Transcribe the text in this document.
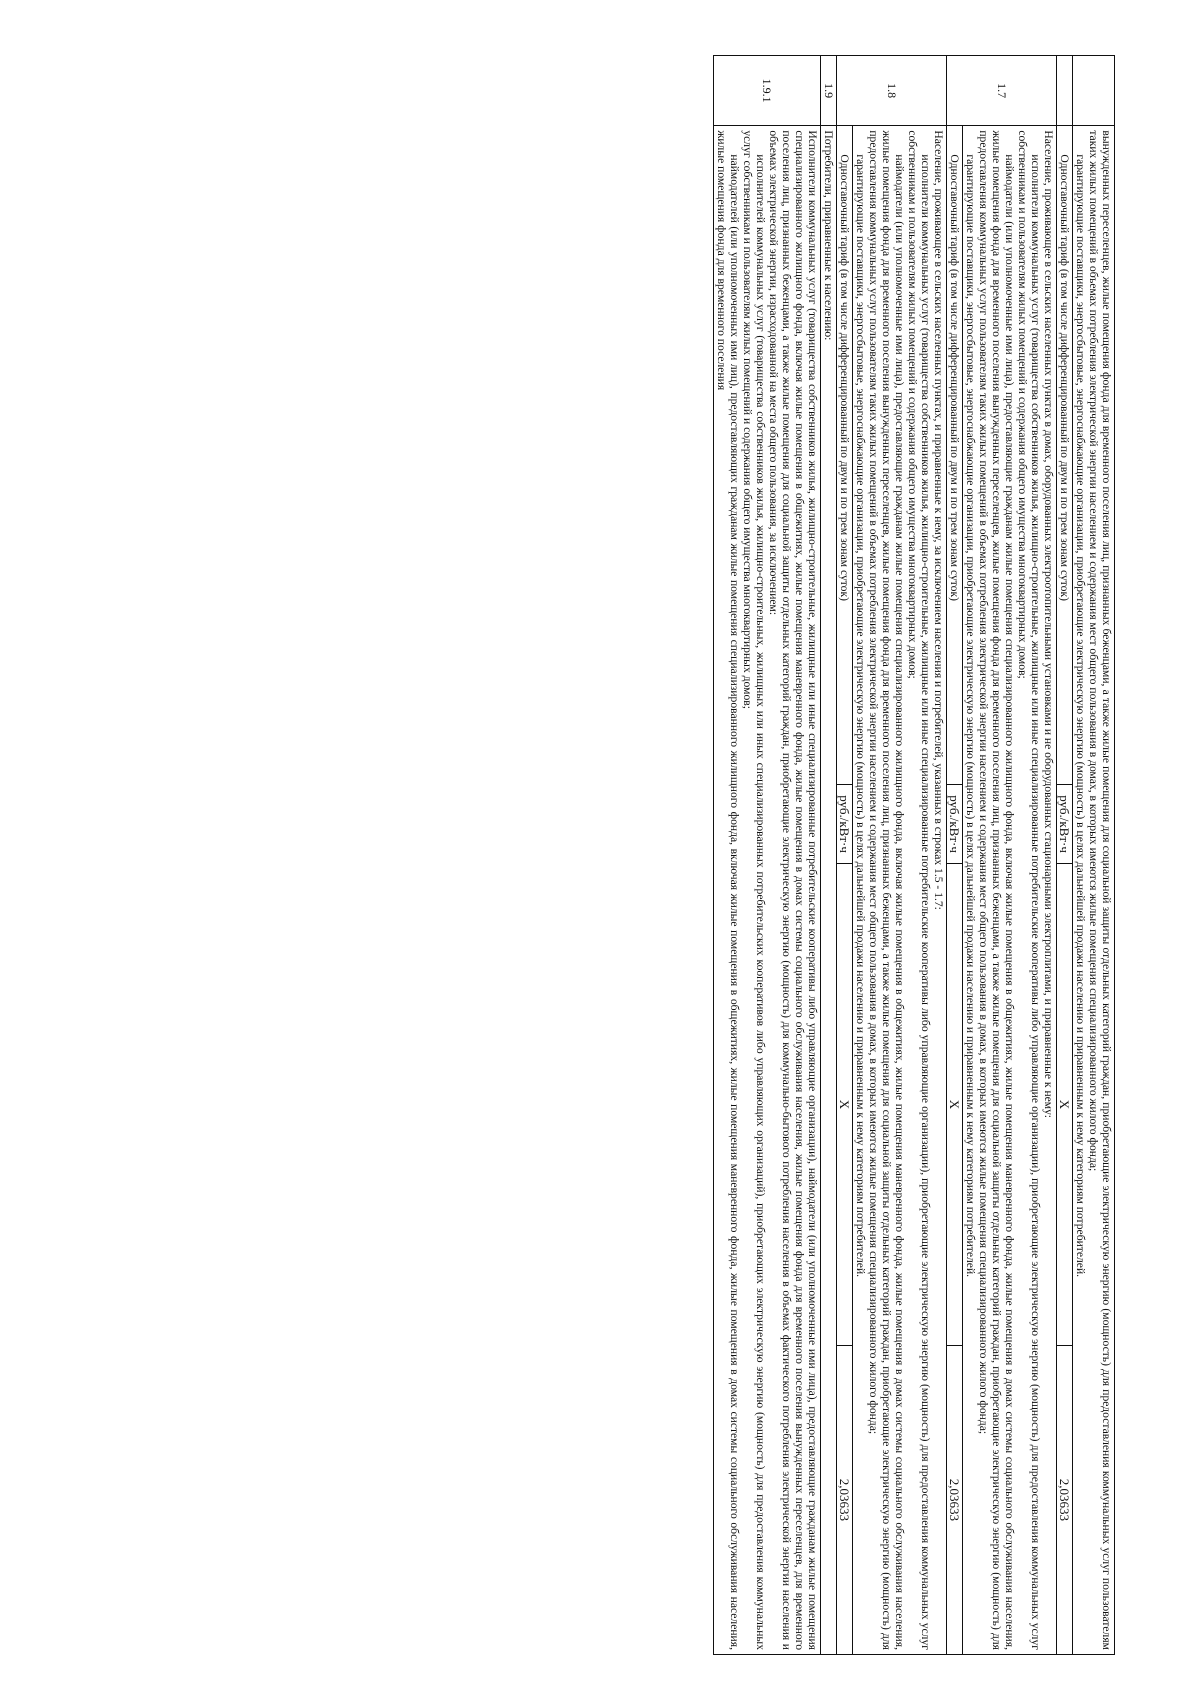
	вынужденных переселенцев, жилые помещения фонда для временного поселения лиц, признанных беженцами, а также жилые помещения для социальной защиты отдельных категорий граждан, приобретающие электрическую энергию (мощность) для предоставления коммунальных услуг пользователям таких жилых помещений в объемах потребления электрической энергии населением и содержания мест общего пользования в домах, в которых имеются жилые помещения специализированного жилого фонда;

гарантирующие поставщики, энергосбытовые, энергоснабжающие организации, приобретающие электрическую энергию (мощность) в целях дальнейшей продажи населению и приравненным к нему категориям потребителей.			

	Одноставочный тариф (в том числе дифференцированный по двум и по трем зонам суток)	руб./кВт·ч	X	2,03633
1.7	Население, проживающее в сельских населенных пунктах в домах, оборудованных электроотопительными установками и не оборудованных стационарными электроплитами, и приравненные к нему:

исполнители коммунальных услуг (товарищества собственников жилья, жилищно-строительные, жилищные или иные специализированные потребительские кооперативы либо управляющие организации), приобретающие электрическую энергию (мощность) для предоставления коммунальных услуг собственникам и пользователям жилых помещений и содержания общего имущества многоквартирных домов;

наймодатели (или уполномоченные ими лица), предоставляющие гражданам жилые помещения специализированного жилищного фонда, включая жилые помещения в общежитиях, жилые помещения маневренного фонда, жилые помещения в домах системы социального обслуживания населения, жилые помещения фонда для временного поселения вынужденных переселенцев, жилые помещения фонда для временного поселения лиц, признанных беженцами, а также жилые помещения для социальной защиты отдельных категорий граждан, приобретающие электрическую энергию (мощность) для предоставления коммунальных услуг пользователям таких жилых помещений в объемах потребления электрической энергии населением и содержания мест общего пользования в домах, в которых имеются жилые помещения специализированного жилого фонда;

гарантирующие поставщики, энергосбытовые, энергоснабжающие организации, приобретающие электрическую энергию (мощность) в целях дальнейшей продажи населению и приравненным к нему категориям потребителей.			

	Одноставочный тариф (в том числе дифференцированный по двум и по трем зонам суток)	руб./кВт·ч	X	2,03633
1.8	Население, проживающее в сельских населенных пунктах, и приравненные к нему, за исключением населения и потребителей, указанных в строках 1.5 - 1.7:

исполнители коммунальных услуг (товарищества собственников жилья, жилищно-строительные, жилищные или иные специализированные потребительские кооперативы либо управляющие организации), приобретающие электрическую энергию (мощность) для предоставления коммунальных услуг собственникам и пользователям жилых помещений и содержания общего имущества многоквартирных домов;

наймодатели (или уполномоченные ими лица), предоставляющие гражданам жилые помещения специализированного жилищного фонда, включая жилые помещения в общежитиях, жилые помещения маневренного фонда, жилые помещения в домах системы социального обслуживания населения, жилые помещения фонда для временного поселения вынужденных переселенцев, жилые помещения фонда для временного поселения лиц, признанных беженцами, а также жилые помещения для социальной защиты отдельных категорий граждан, приобретающие электрическую энергию (мощность) для предоставления коммунальных услуг пользователям таких жилых помещений в объемах потребления электрической энергии населением и содержания мест общего пользования в домах, в которых имеются жилые помещения специализированного жилого фонда;

гарантирующие поставщики, энергосбытовые, энергоснабжающие организации, приобретающие электрическую энергию (мощность) в целях дальнейшей продажи населению и приравненным к нему категориям потребителей.			

	Одноставочный тариф (в том числе дифференцированный по двум и по трем зонам суток)	руб./кВт·ч	X	2,03633
1.9	Потребители, приравненные к населению:			

1.9.1	Исполнители коммунальных услуг (товарищества собственников жилья, жилищно-строительные, жилищные или иные специализированные потребительские кооперативы либо управляющие организации), наймодатели (или уполномоченные ими лица), предоставляющие гражданам жилые помещения специализированного жилищного фонда, включая жилые помещения в общежитиях, жилые помещения маневренного фонда, жилые помещения в домах системы социального обслуживания населения, жилые помещения фонда для временного поселения вынужденных переселенцев, для временного поселения лиц, признанных беженцами, а также жилые помещения для социальной защиты отдельных категорий граждан, приобретающие электрическую энергию (мощность) для коммунально-бытового потребления населения в объемах фактического потребления электрической энергии населения и объемах электрической энергии, израсходованной на места общего пользования, за исключением:

исполнителей коммунальных услуг (товарищества собственников жилья, жилищно-строительных, жилищных или иных специализированных потребительских кооперативов либо управляющих организаций), приобретающих электрическую энергию (мощность) для предоставления коммунальных услуг собственникам и пользователям жилых помещений и содержания общего имущества многоквартирных домов;

наймодателей (или уполномоченных ими лиц), предоставляющих гражданам жилые помещения специализированного жилищного фонда, включая жилые помещения в общежитиях, жилые помещения маневренного фонда, жилые помещения в домах системы социального обслуживания населения, жилые помещения фонда для временного поселения			
